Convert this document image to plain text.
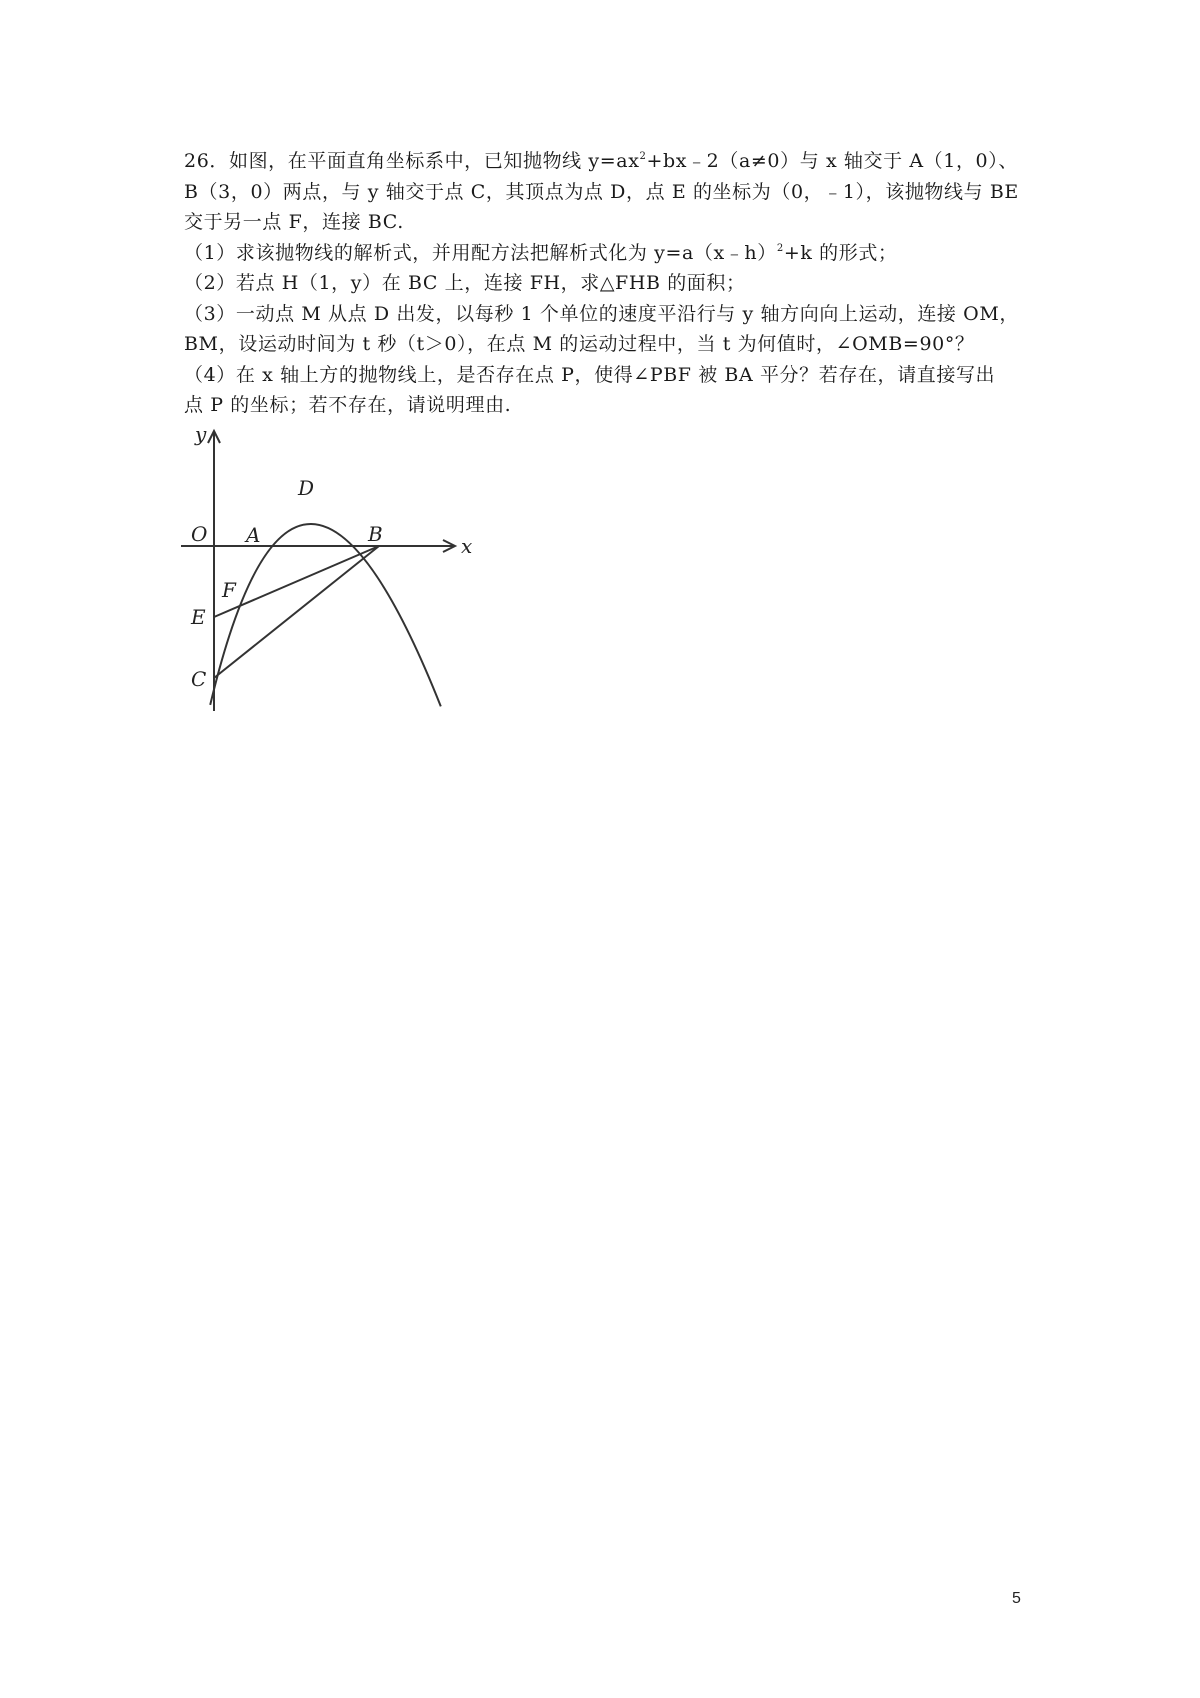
26．如图，在平面直角坐标系中，已知抛物线 $y=ax^2+bx﹣2(a\ne 0)$与 x 轴交于 A（1，0）、
B（3，0）两点，与 y 轴交于点 C，其顶点为点 D，点 E 的坐标为（0，﹣1），该抛物线与 BE
交于另一点 F，连接 BC.
（1）求该抛物线的解析式，并用配方法把解析式化为 y=a（x﹣h）$^2$+k 的形式；
（2）若点 H（1，y）在 BC 上，连接 FH，求△FHB 的面积；
（3）一动点 M 从点 D 出发，以每秒 1 个单位的速度平沿行与 y 轴方向向上运动，连接 OM，
BM，设运动时间为 t 秒（t＞0），在点 M 的运动过程中，当 t 为何值时，∠OMB=90°？
（4）在 x 轴上方的抛物线上，是否存在点 P，使得∠PBF 被 BA 平分？若存在，请直接写出
点 P 的坐标；若不存在，请说明理由.
y
x
O A	B
D
F
E
C
5
